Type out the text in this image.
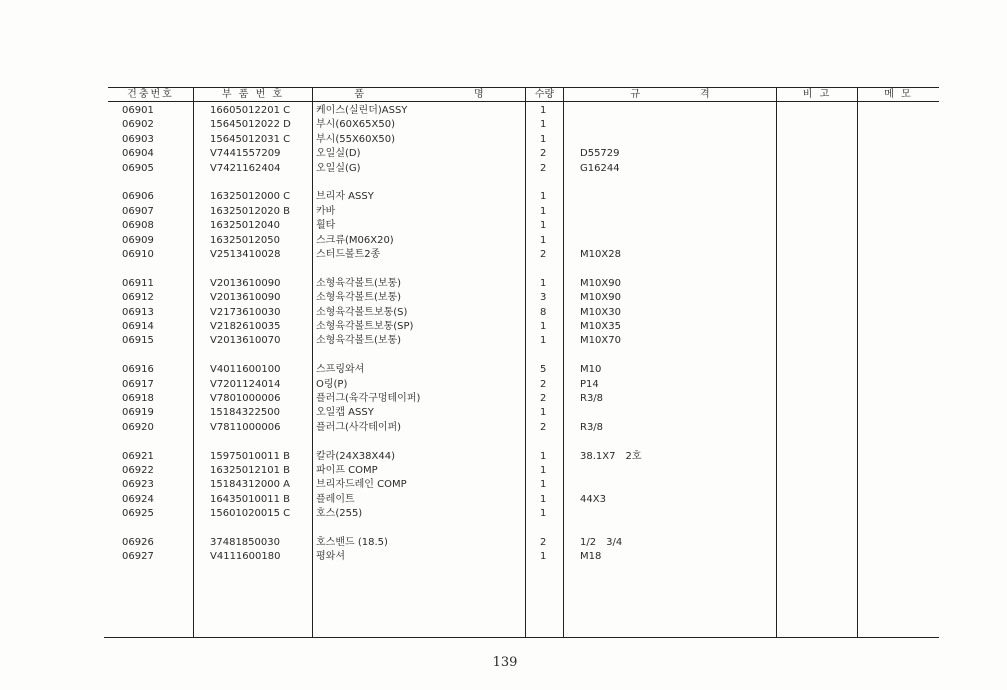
건충번호	부 품 번 호	품　　　　　　　　　　　명	수량	규　　　　　　격	비 고	메 모
06901	16605012201 C	케이스(실린더)ASSY	1
06902	15645012022 D	부시(60X65X50)	1
06903	15645012031 C	부시(55X60X50)	1
06904	V7441557209	오일실(D)	2	D55729
06905	V7421162404	오일실(G)	2	G16244
06906	16325012000 C	브리자 ASSY	1
06907	16325012020 B	카바	1
06908	16325012040	휠타	1
06909	16325012050	스크류(M06X20)	1
06910	V2513410028	스터드볼트2종	2	M10X28
06911	V2013610090	소형육각볼트(보통)	1	M10X90
06912	V2013610090	소형육각볼트(보통)	3	M10X90
06913	V2173610030	소형육각볼트보통(S)	8	M10X30
06914	V2182610035	소형육각볼트보통(SP)	1	M10X35
06915	V2013610070	소형육각볼트(보통)	1	M10X70
06916	V4011600100	스프링와셔	5	M10
06917	V7201124014	O링(P)	2	P14
06918	V7801000006	플러그(육각구멍테이퍼)	2	R3/8
06919	15184322500	오일캡 ASSY	1
06920	V7811000006	플러그(사각테이퍼)	2	R3/8
06921	15975010011 B	칼라(24X38X44)	1	38.1X7　2호
06922	16325012101 B	파이프 COMP	1
06923	15184312000 A	브리자드레인 COMP	1
06924	16435010011 B	플레이트	1	44X3
06925	15601020015 C	호스(255)	1
06926	37481850030	호스밴드 (18.5)	2	1/2　3/4
06927	V4111600180	평와셔	1	M18
139
